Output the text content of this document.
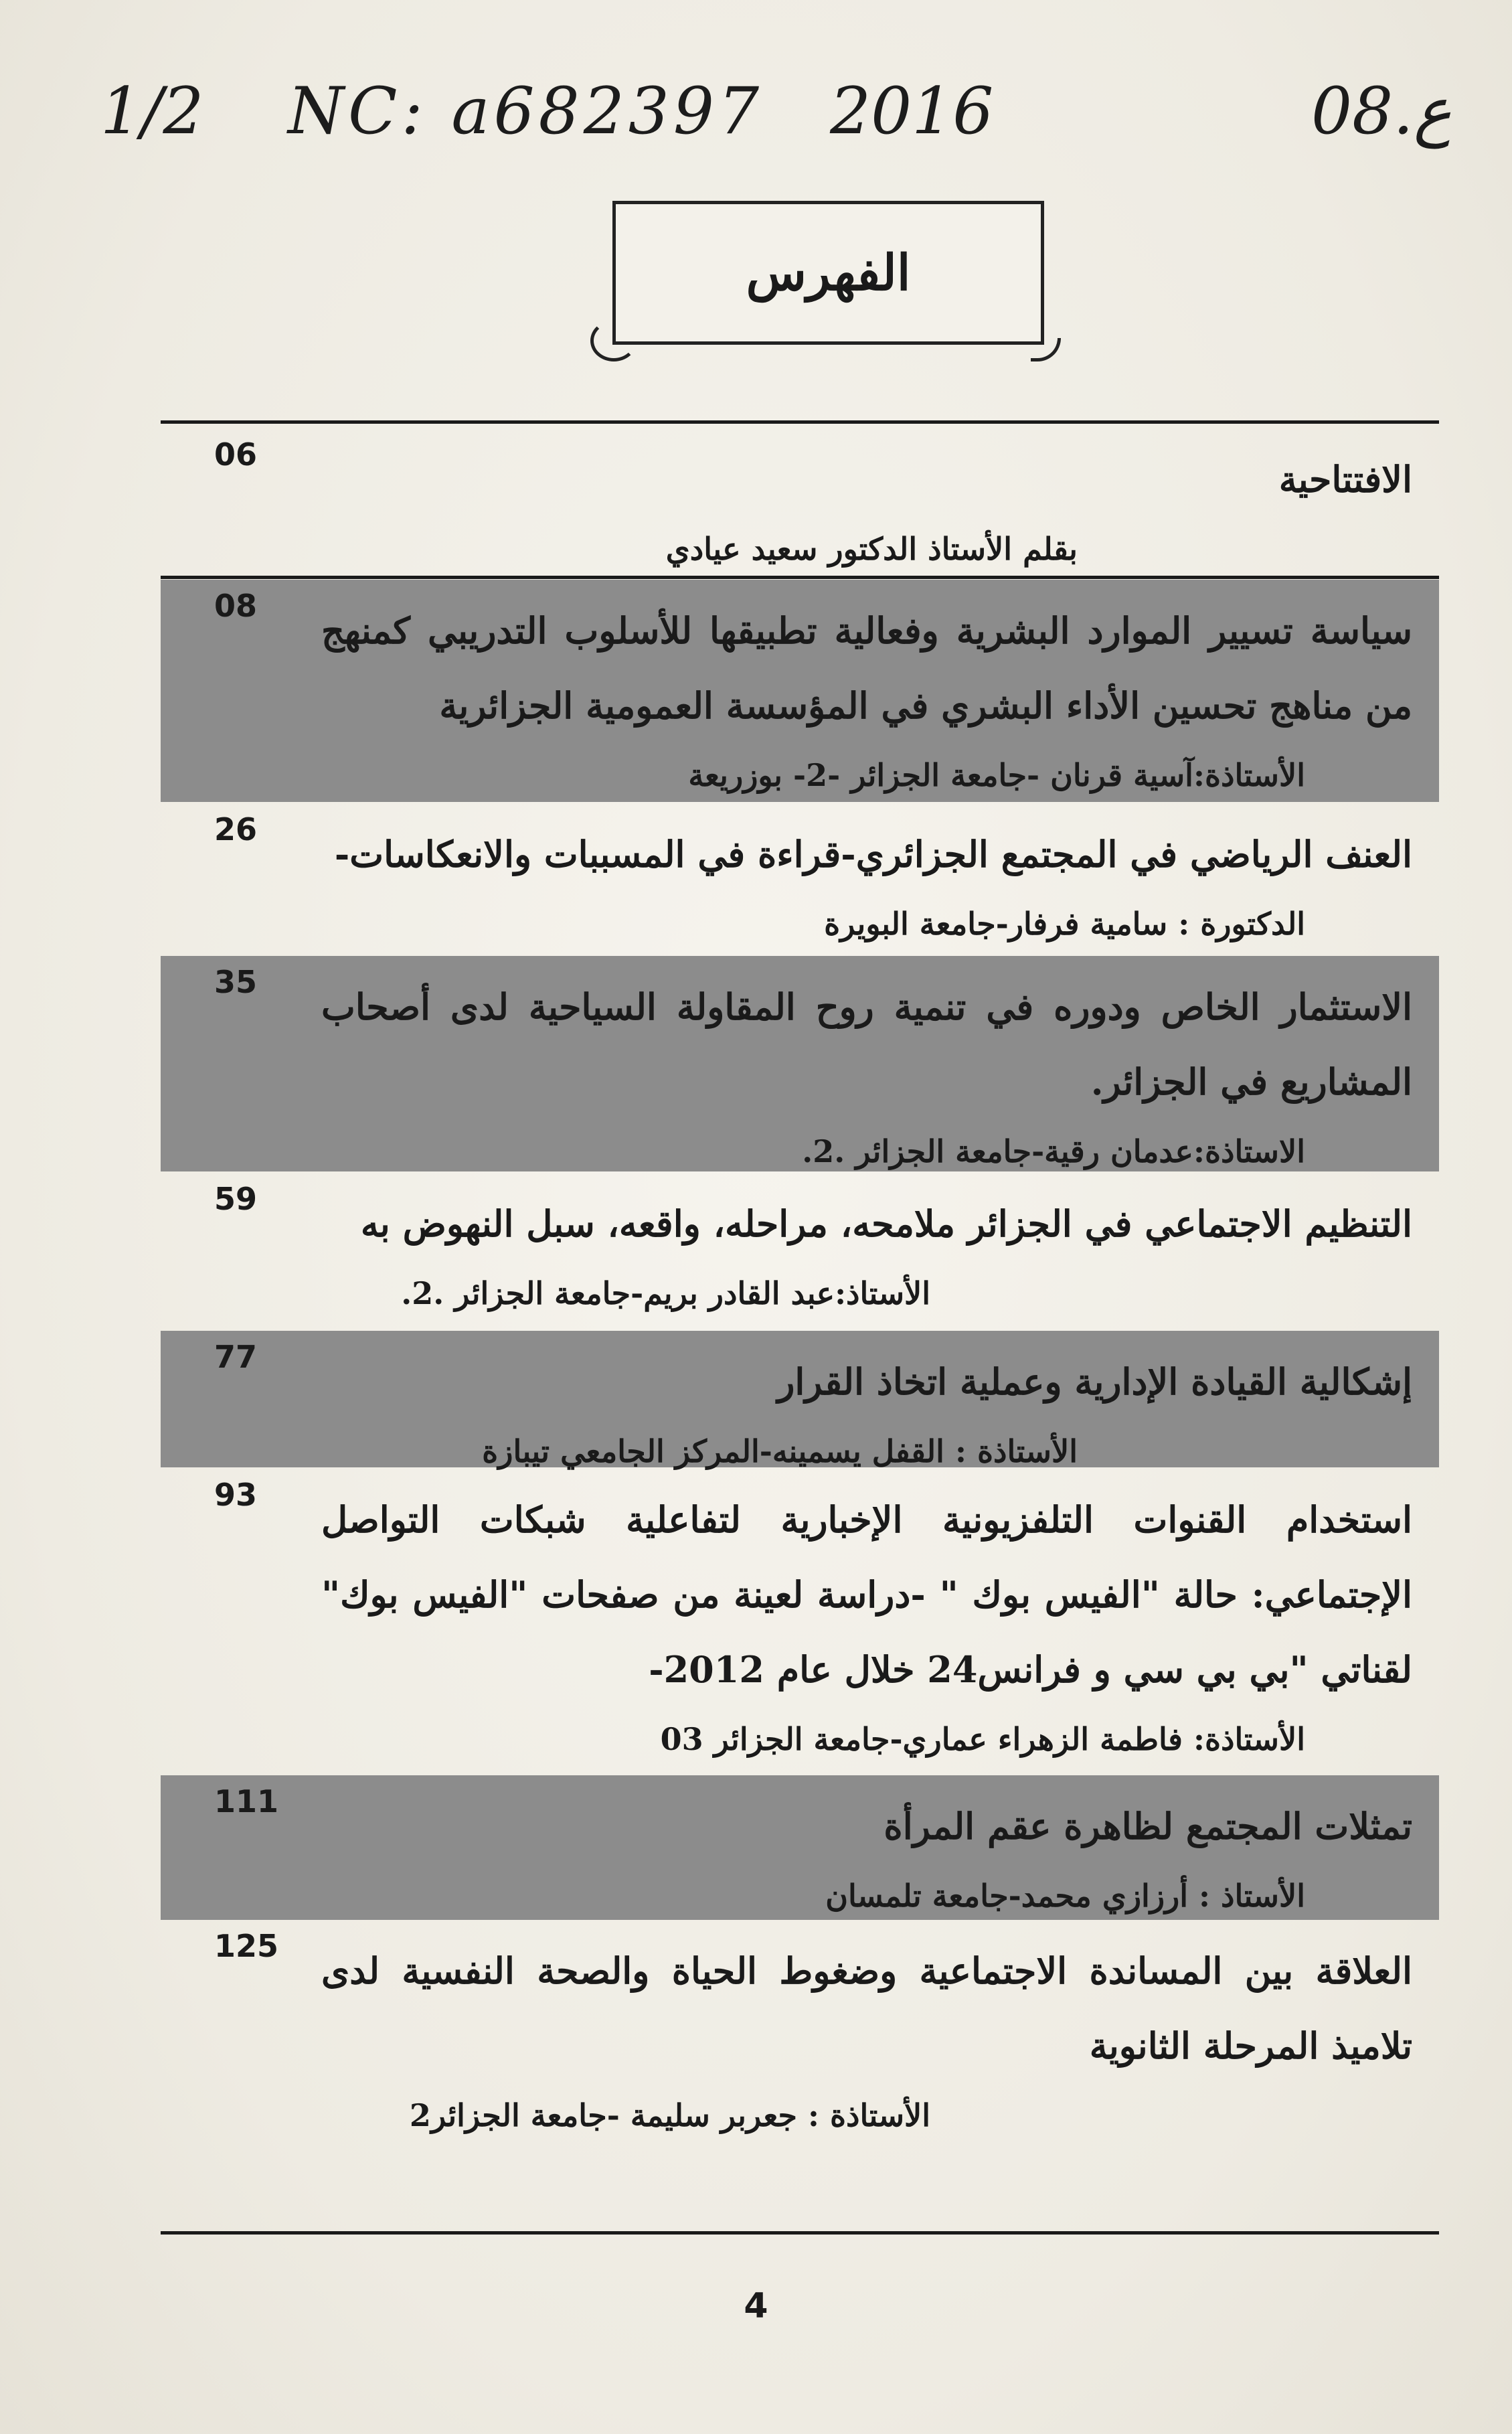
1/2 NC: a682397 2016	ع.08
الفهرس
06
الافتتاحية
بقلم الأستاذ الدكتور سعيد عيادي
08
سياسة تسيير الموارد البشرية وفعالية تطبيقها للأسلوب التدريبي كمنهج من مناهج تحسين الأداء البشري في المؤسسة العمومية الجزائرية
الأستاذة:آسية قرنان -جامعة الجزائر -2- بوزريعة
26
العنف الرياضي في المجتمع الجزائري-قراءة في المسببات والانعكاسات-
الدكتورة : سامية فرفار-جامعة البويرة
35
الاستثمار الخاص ودوره في تنمية روح المقاولة السياحية لدى أصحاب المشاريع في الجزائر.
الاستاذة:عدمان رقية-جامعة الجزائر .2.
59
التنظيم الاجتماعي في الجزائر ملامحه، مراحله، واقعه، سبل النهوض به
الأستاذ:عبد القادر بريم-جامعة الجزائر .2.
77
إشكالية القيادة الإدارية وعملية اتخاذ القرار
الأستاذة : القفل يسمينه-المركز الجامعي تيبازة
93
استخدام القنوات التلفزيونية الإخبارية لتفاعلية شبكات التواصل الإجتماعي: حالة "الفيس بوك " -دراسة لعينة من صفحات "الفيس بوك" لقناتي "بي بي سي و فرانس24 خلال عام 2012-
الأستاذة: فاطمة الزهراء عماري-جامعة الجزائر 03
111
تمثلات المجتمع لظاهرة عقم المرأة
الأستاذ : أرزازي محمد-جامعة تلمسان
125
العلاقة بين المساندة الاجتماعية وضغوط الحياة والصحة النفسية لدى تلاميذ المرحلة الثانوية
الأستاذة : جعربر سليمة -جامعة الجزائر2
4
